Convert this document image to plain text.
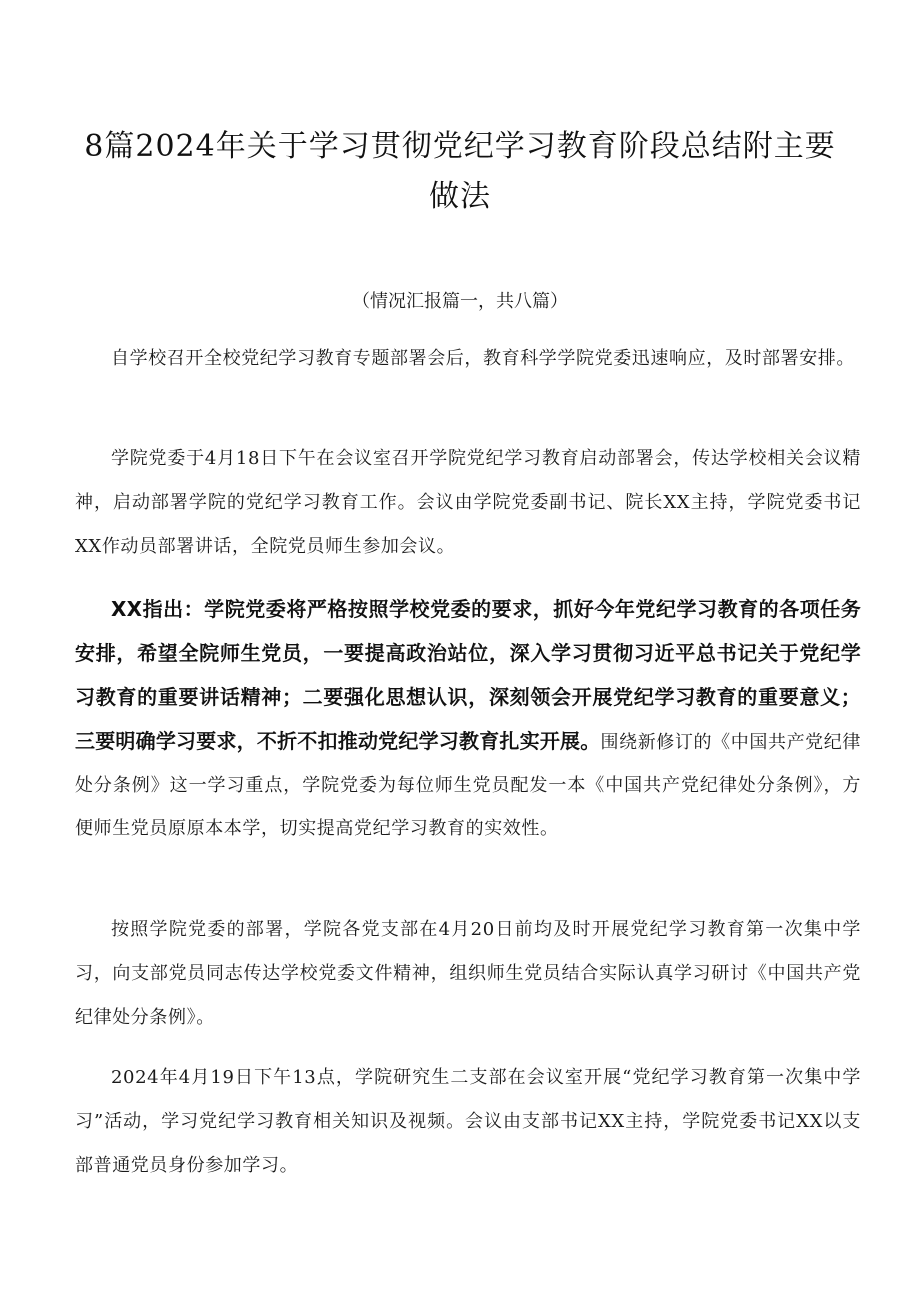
8篇2024年关于学习贯彻党纪学习教育阶段总结附主要做法

（情况汇报篇一，共八篇）

自学校召开全校党纪学习教育专题部署会后，教育科学学院党委迅速响应，及时部署安排。

学院党委于4月18日下午在会议室召开学院党纪学习教育启动部署会，传达学校相关会议精神，启动部署学院的党纪学习教育工作。会议由学院党委副书记、院长XX主持，学院党委书记XX作动员部署讲话，全院党员师生参加会议。

XX指出：学院党委将严格按照学校党委的要求，抓好今年党纪学习教育的各项任务安排，希望全院师生党员，一要提高政治站位，深入学习贯彻习近平总书记关于党纪学习教育的重要讲话精神；二要强化思想认识，深刻领会开展党纪学习教育的重要意义；三要明确学习要求，不折不扣推动党纪学习教育扎实开展。围绕新修订的《中国共产党纪律处分条例》这一学习重点，学院党委为每位师生党员配发一本《中国共产党纪律处分条例》，方便师生党员原原本本学，切实提高党纪学习教育的实效性。

按照学院党委的部署，学院各党支部在4月20日前均及时开展党纪学习教育第一次集中学习，向支部党员同志传达学校党委文件精神，组织师生党员结合实际认真学习研讨《中国共产党纪律处分条例》。

2024年4月19日下午13点，学院研究生二支部在会议室开展“党纪学习教育第一次集中学习”活动，学习党纪学习教育相关知识及视频。会议由支部书记XX主持，学院党委书记XX以支部普通党员身份参加学习。
